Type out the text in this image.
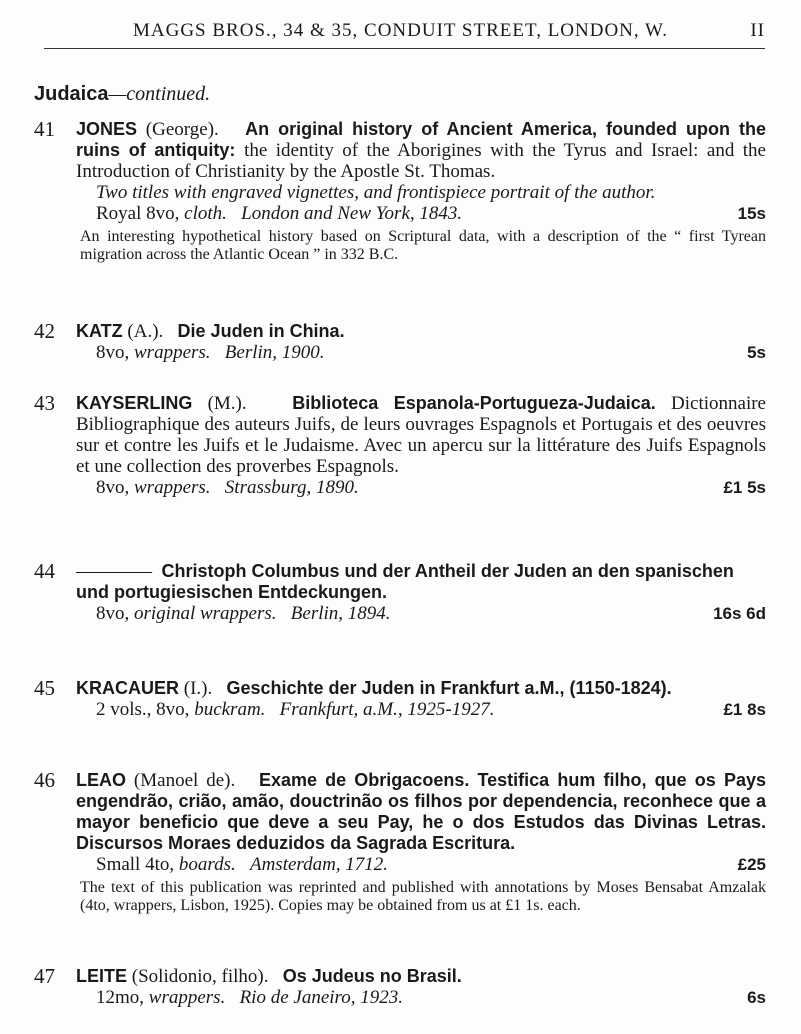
MAGGS BROS., 34 & 35, CONDUIT STREET, LONDON, W.	II
Judaica—continued.
41	JONES (George). An original history of Ancient America, founded upon the ruins of antiquity: the identity of the Aborigines with the Tyrus and Israel: and the Introduction of Christianity by the Apostle St. Thomas.
Two titles with engraved vignettes, and frontispiece portrait of the author.
Royal 8vo, cloth. London and New York, 1843.	15s
An interesting hypothetical history based on Scriptural data, with a description of the “ first Tyrean migration across the Atlantic Ocean ” in 332 B.C.
42	KATZ (A.). Die Juden in China.
8vo, wrappers. Berlin, 1900.	5s
43	KAYSERLING (M.).	Biblioteca Espanola-Portugueza-Judaica. Dictionnaire Bibliographique des auteurs Juifs, de leurs ouvrages Espagnols et Portugais et des oeuvres sur et contre les Juifs et le Judaisme. Avec un apercu sur la littérature des Juifs Espagnols et une collection des proverbes Espagnols.
8vo, wrappers. Strassburg, 1890.	£1 5s
44	———— Christoph Columbus und der Antheil der Juden an den spanischen und portugiesischen Entdeckungen.
8vo, original wrappers. Berlin, 1894.	16s 6d
45	KRACAUER (I.). Geschichte der Juden in Frankfurt a.M., (1150-1824).
2 vols., 8vo, buckram. Frankfurt, a.M., 1925-1927.	£1 8s
46	LEAO (Manoel de). Exame de Obrigacoens. Testifica hum filho, que os Pays engendrão, crião, amão, douctrinão os filhos por dependencia, reconhece que a mayor beneficio que deve a seu Pay, he o dos Estudos das Divinas Letras. Discursos Moraes deduzidos da Sagrada Escritura.
Small 4to, boards. Amsterdam, 1712.	£25
The text of this publication was reprinted and published with annotations by Moses Bensabat Amzalak (4to, wrappers, Lisbon, 1925). Copies may be obtained from us at £1 1s. each.
47	LEITE (Solidonio, filho). Os Judeus no Brasil.
12mo, wrappers. Rio de Janeiro, 1923.	6s
